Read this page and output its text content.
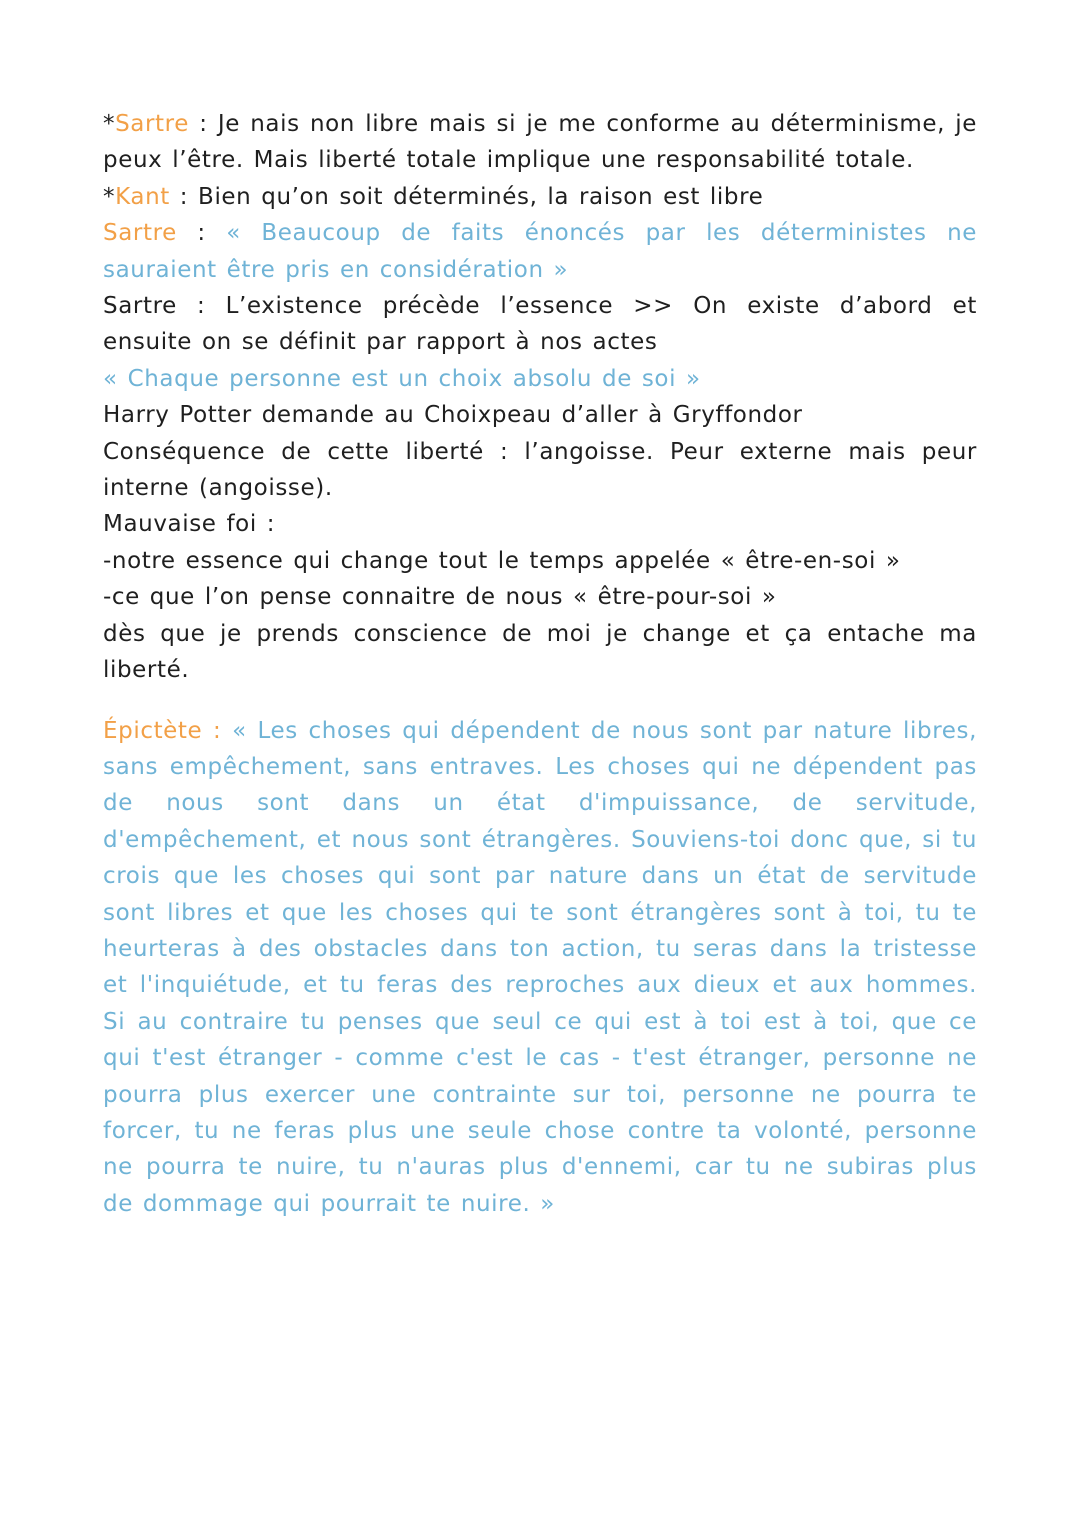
*Sartre : Je nais non libre mais si je me conforme au déterminisme, je peux l’être. Mais liberté totale implique une responsabilité totale.

*Kant : Bien qu’on soit déterminés, la raison est libre

Sartre : « Beaucoup de faits énoncés par les déterministes ne sauraient être pris en considération »

Sartre : L’existence précède l’essence >> On existe d’abord et ensuite on se définit par rapport à nos actes

« Chaque personne est un choix absolu de soi »

Harry Potter demande au Choixpeau d’aller à Gryffondor

Conséquence de cette liberté : l’angoisse. Peur externe mais peur interne (angoisse).

Mauvaise foi :

-notre essence qui change tout le temps appelée « être-en-soi »

-ce que l’on pense connaitre de nous « être-pour-soi »

dès que je prends conscience de moi je change et ça entache ma liberté.

Épictète : « Les choses qui dépendent de nous sont par nature libres, sans empêchement, sans entraves. Les choses qui ne dépendent pas de nous sont dans un état d'impuissance, de servitude, d'empêchement, et nous sont étrangères. Souviens-toi donc que, si tu crois que les choses qui sont par nature dans un état de servitude sont libres et que les choses qui te sont étrangères sont à toi, tu te heurteras à des obstacles dans ton action, tu seras dans la tristesse et l'inquiétude, et tu feras des reproches aux dieux et aux hommes. Si au contraire tu penses que seul ce qui est à toi est à toi, que ce qui t'est étranger - comme c'est le cas - t'est étranger, personne ne pourra plus exercer une contrainte sur toi, personne ne pourra te forcer, tu ne feras plus une seule chose contre ta volonté, personne ne pourra te nuire, tu n'auras plus d'ennemi, car tu ne subiras plus de dommage qui pourrait te nuire. »
